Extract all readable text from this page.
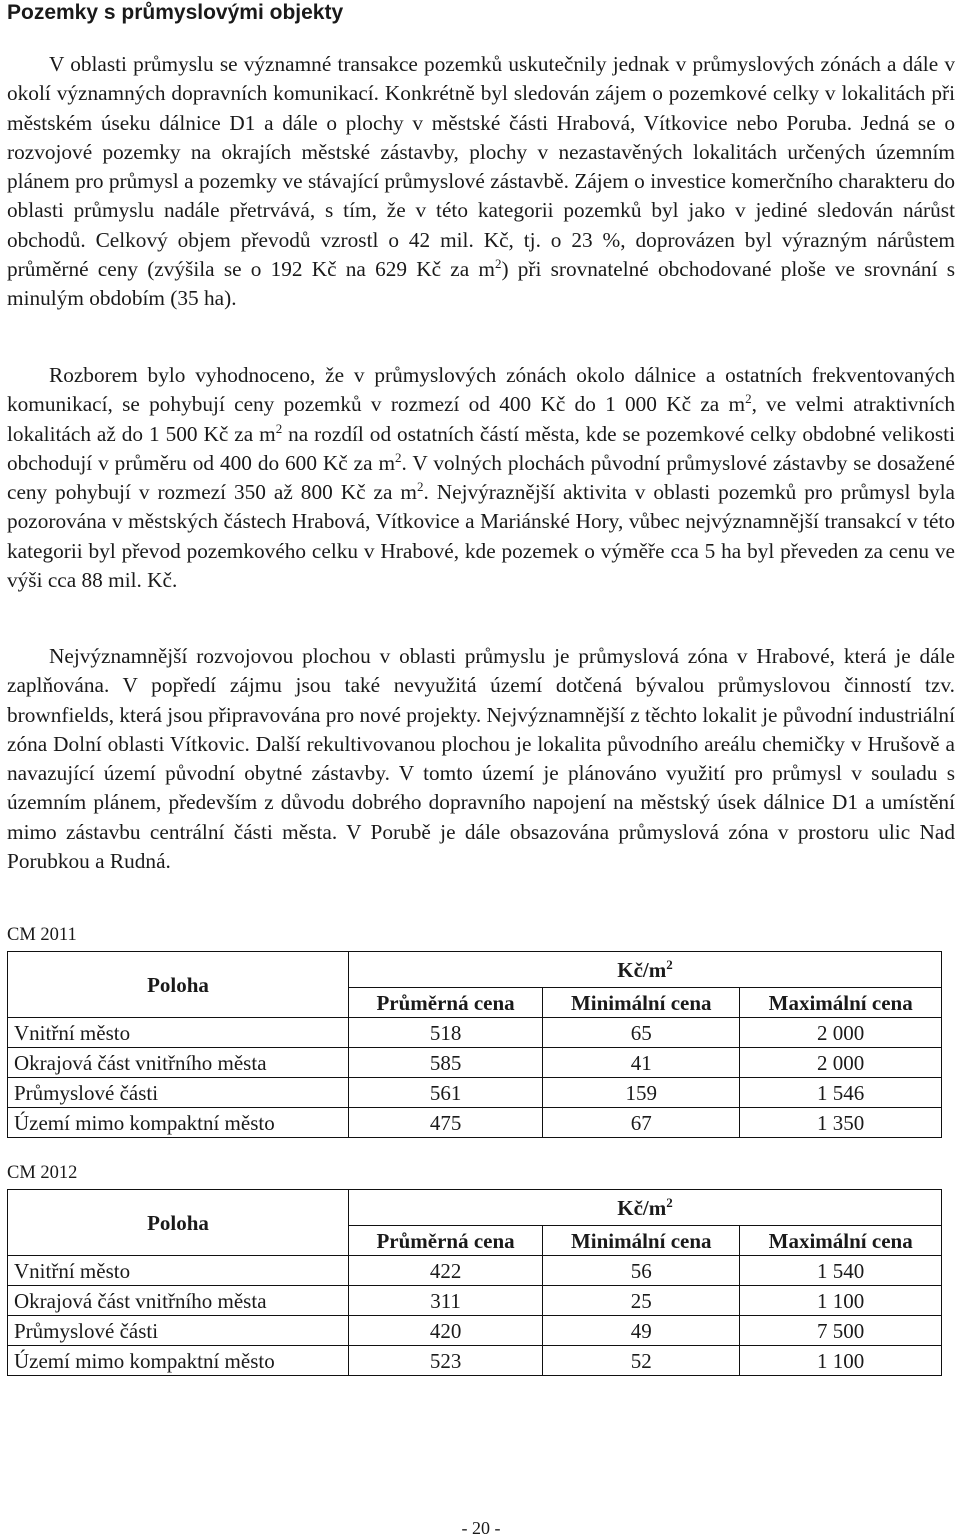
Pozemky s průmyslovými objekty

V oblasti průmyslu se významné transakce pozemků uskutečnily jednak v průmyslových zónách a dále v okolí významných dopravních komunikací. Konkrétně byl sledován zájem o pozemkové celky v lokalitách při městském úseku dálnice D1 a dále o plochy v městské části Hrabová, Vítkovice nebo Poruba. Jedná se o rozvojové pozemky na okrajích městské zástavby, plochy v nezastavěných lokalitách určených územním plánem pro průmysl a pozemky ve stávající průmyslové zástavbě. Zájem o investice komerčního charakteru do oblasti průmyslu nadále přetrvává, s tím, že v této kategorii pozemků byl jako v jediné sledován nárůst obchodů. Celkový objem převodů vzrostl o 42 mil. Kč, tj. o 23 %, doprovázen byl výrazným nárůstem průměrné ceny (zvýšila se o 192 Kč na 629 Kč za $m^2$) při srovnatelné obchodované ploše ve srovnání s minulým obdobím (35 ha).

Rozborem bylo vyhodnoceno, že v průmyslových zónách okolo dálnice a ostatních frekventovaných komunikací, se pohybují ceny pozemků v rozmezí od 400 Kč do 1 000 Kč za $m^2$, ve velmi atraktivních lokalitách až do 1 500 Kč za $m^2$ na rozdíl od ostatních částí města, kde se pozemkové celky obdobné velikosti obchodují v průměru od 400 do 600 Kč za $m^2$. V volných plochách původní průmyslové zástavby se dosažené ceny pohybují v rozmezí 350 až 800 Kč za $m^2$. Nejvýraznější aktivita v oblasti pozemků pro průmysl byla pozorována v městských částech Hrabová, Vítkovice a Mariánské Hory, vůbec nejvýznamnější transakcí v této kategorii byl převod pozemkového celku v Hrabové, kde pozemek o výměře cca 5 ha byl převeden za cenu ve výši cca 88 mil. Kč.

Nejvýznamnější rozvojovou plochou v oblasti průmyslu je průmyslová zóna v Hrabové, která je dále zaplňována. V popředí zájmu jsou také nevyužitá území dotčená bývalou průmyslovou činností tzv. brownfields, která jsou připravována pro nové projekty. Nejvýznamnější z těchto lokalit je původní industriální zóna Dolní oblasti Vítkovic. Další rekultivovanou plochou je lokalita původního areálu chemičky v Hrušově a navazující území původní obytné zástavby. V tomto území je plánováno využití pro průmysl v souladu s územním plánem, především z důvodu dobrého dopravního napojení na městský úsek dálnice D1 a umístění mimo zástavbu centrální části města. V Porubě je dále obsazována průmyslová zóna v prostoru ulic Nad Porubkou a Rudná.

CM 2011
Poloha	$Kč/m^2$
	Průměrná cena	Minimální cena	Maximální cena
Vnitřní město	518	65	2 000
Okrajová část vnitřního města	585	41	2 000
Průmyslové části	561	159	1 546
Území mimo kompaktní město	475	67	1 350
CM 2012
Poloha	$Kč/m^2$
	Průměrná cena	Minimální cena	Maximální cena
Vnitřní město	422	56	1 540
Okrajová část vnitřního města	311	25	1 100
Průmyslové části	420	49	7 500
Území mimo kompaktní město	523	52	1 100
- 20 -
